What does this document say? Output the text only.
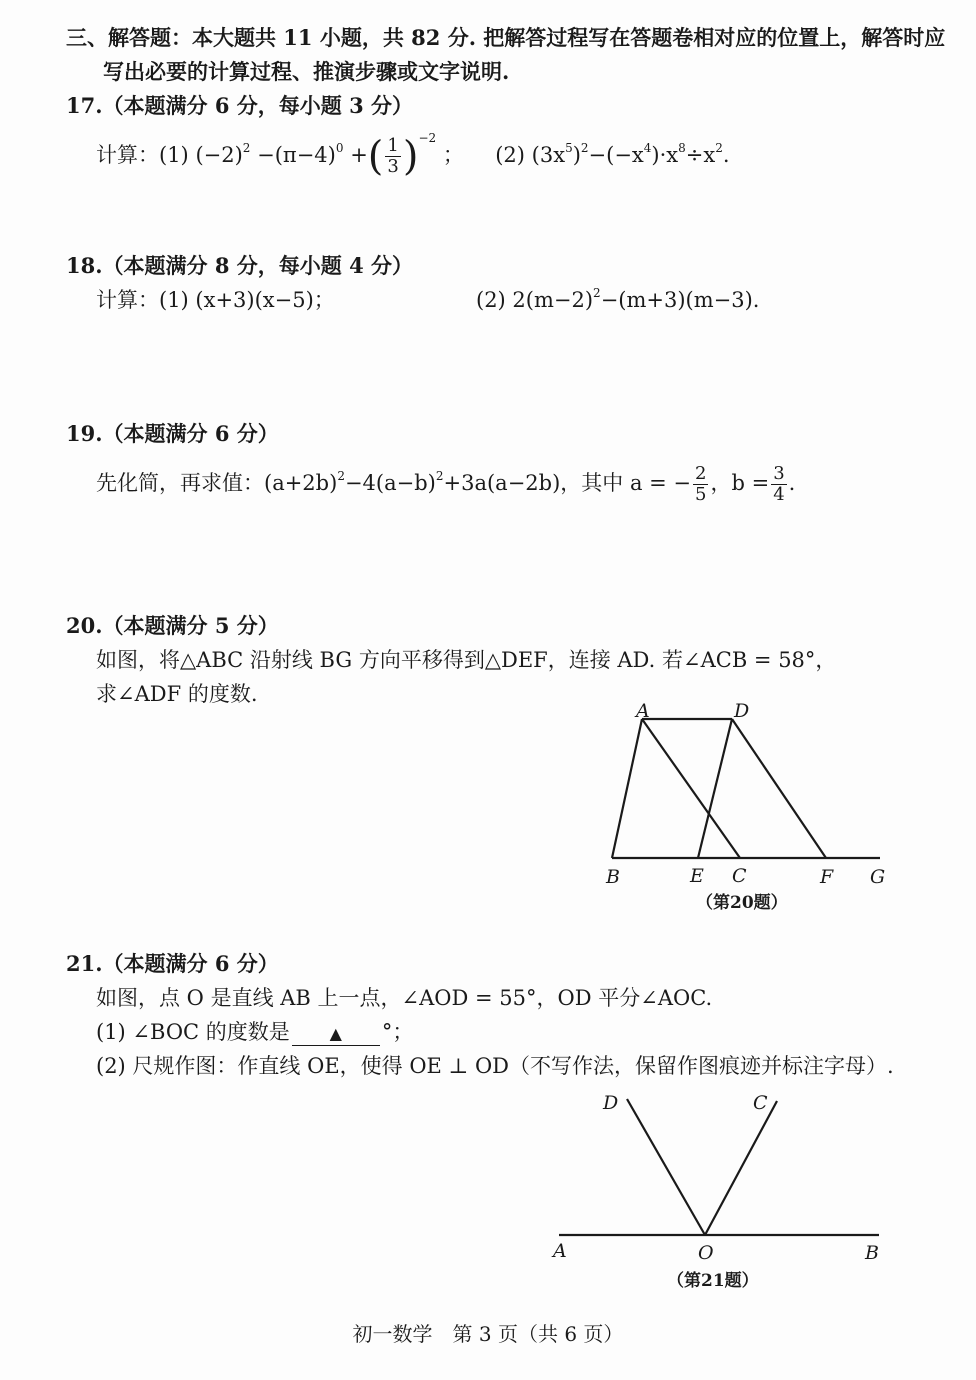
三、解答题：本大题共 11 小题，共 82 分. 把解答过程写在答题卷相对应的位置上，解答时应
写出必要的计算过程、推演步骤或文字说明.
17.（本题满分 6 分，每小题 3 分）
计算：(1) $(-2)^2 -(\pi-4)^0$ +( $\frac{1}{3} )^{-2}$ ； (2) $(3x^5)^2-(-x^4)\cdot x^8\div x^2$.
18.（本题满分 8 分，每小题 4 分）
计算：(1) (x+3)(x−5)；	(2) $2(m-2)^2-(m+3)(m-3)$.
19.（本题满分 6 分）
先化简，再求值：$(a+2b)^2-4(a-b)^2+3a(a-2b)$，其中 a = − $\frac{2}{5}$ ，$b = \frac{3}{4}$ .
20.（本题满分 5 分）
如图，将△ABC 沿射线 BG 方向平移得到△DEF，连接 AD. 若∠ACB = 58°，
求∠ADF 的度数.
A	D
B	E C	F G
（第20题）
21.（本题满分 6 分）
如图，点 O 是直线 AB 上一点，∠AOD = 55°，OD 平分∠AOC.
(1) ∠BOC 的度数是 ▲ °；
(2) 尺规作图：作直线 OE，使得 OE ⊥ OD（不写作法，保留作图痕迹并标注字母）.
D	C
A	O	B
（第21题）
初一数学　第 3 页（共 6 页）
